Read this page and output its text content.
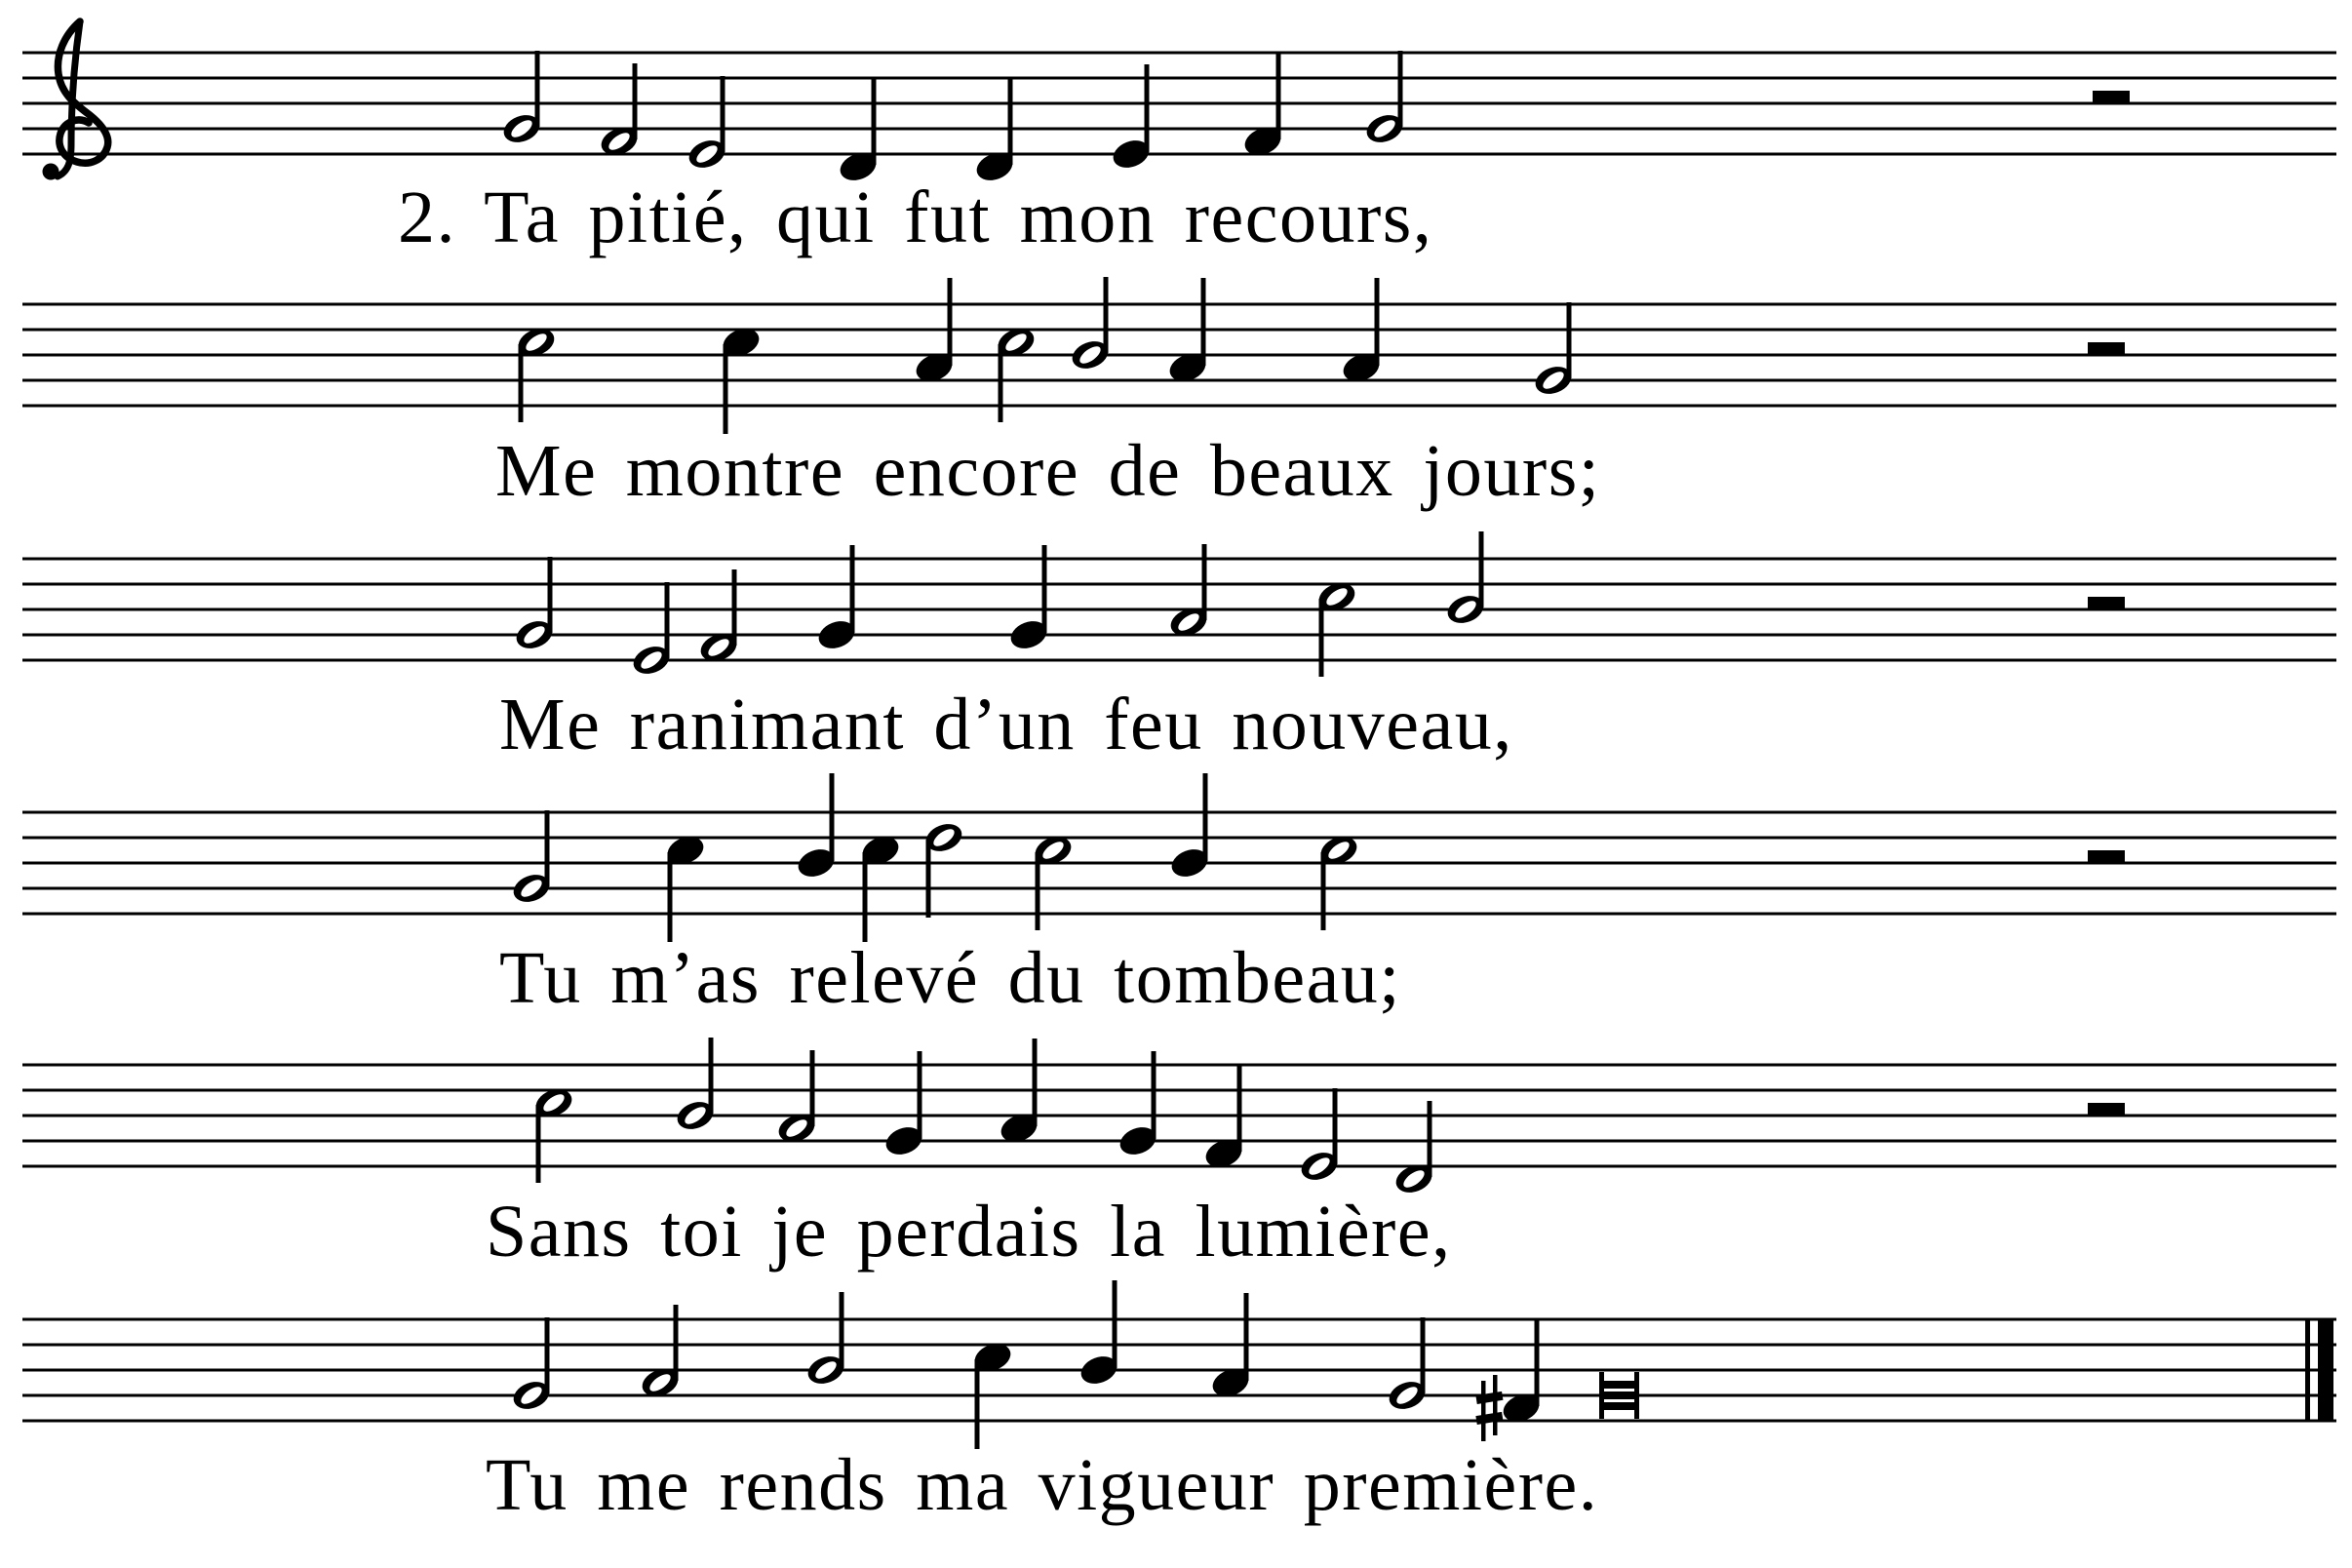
2. Ta pitié, qui fut mon recours,
Me montre encore de beaux jours;
Me ranimant d’un feu nouveau,
Tu m’as relevé du tombeau;
Sans toi je perdais la lumière,
Tu me rends ma vigueur première.
